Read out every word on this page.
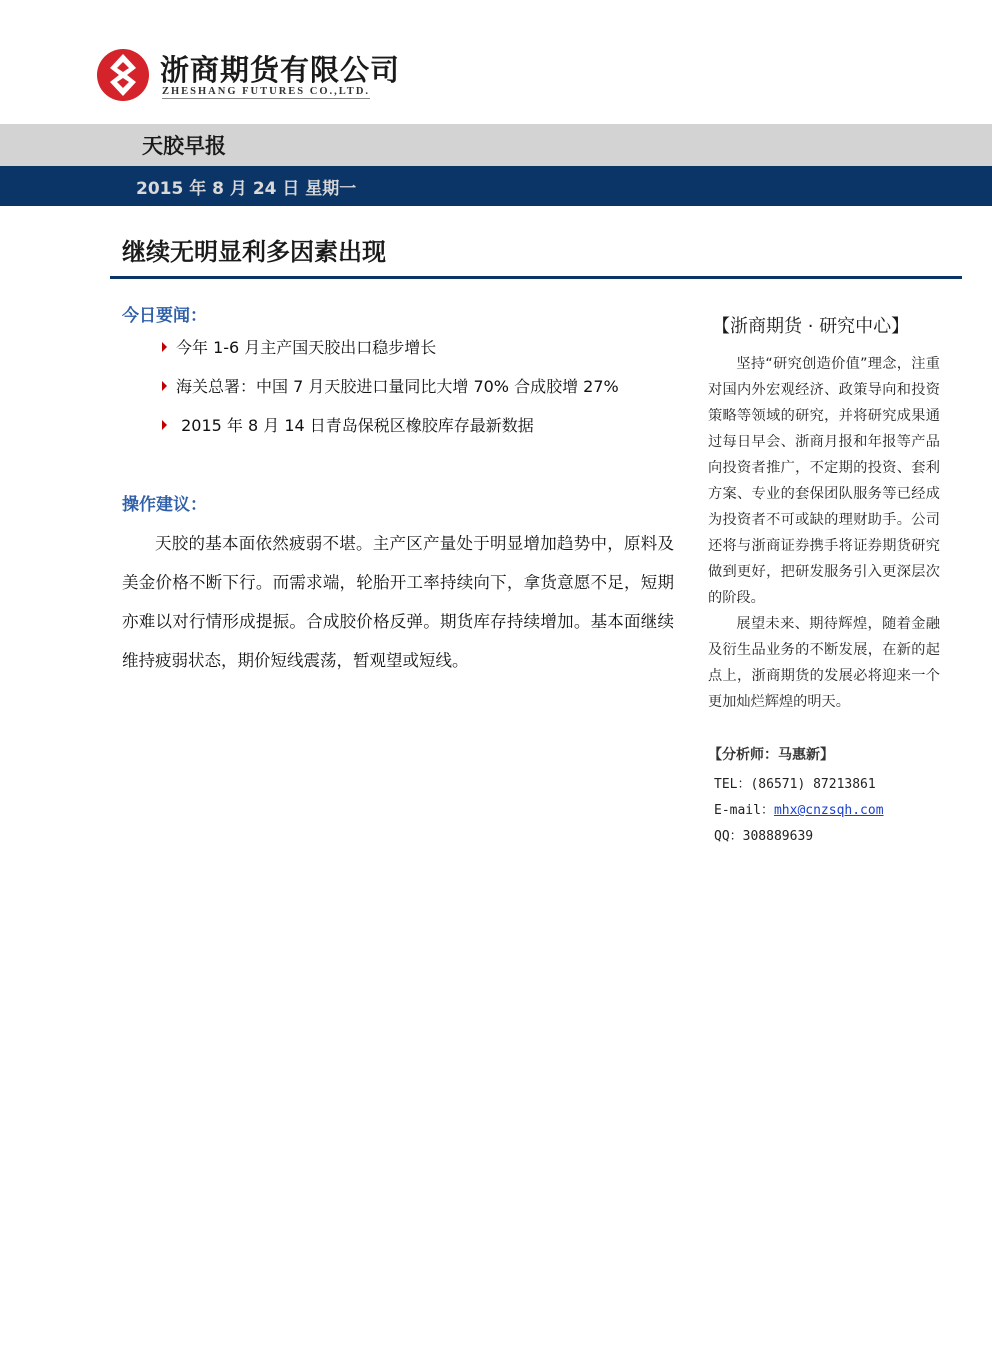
浙商期货有限公司
ZHESHANG FUTURES CO.,LTD.
天胶早报
2015 年 8 月 24 日 星期一
继续无明显利多因素出现
今日要闻：
今年 1-6 月主产国天胶出口稳步增长
海关总署：中国 7 月天胶进口量同比大增 70% 合成胶增 27%
2015 年 8 月 14 日青岛保税区橡胶库存最新数据
操作建议：

天胶的基本面依然疲弱不堪。主产区产量处于明显增加趋势中，原料及美金价格不断下行。而需求端，轮胎开工率持续向下，拿货意愿不足，短期亦难以对行情形成提振。合成胶价格反弹。期货库存持续增加。基本面继续维持疲弱状态，期价短线震荡，暂观望或短线。

【浙商期货 · 研究中心】

坚持“研究创造价值”理念，注重对国内外宏观经济、政策导向和投资策略等领域的研究，并将研究成果通过每日早会、浙商月报和年报等产品向投资者推广，不定期的投资、套利方案、专业的套保团队服务等已经成为投资者不可或缺的理财助手。公司还将与浙商证券携手将证券期货研究做到更好，把研发服务引入更深层次的阶段。

展望未来、期待辉煌，随着金融及衍生品业务的不断发展，在新的起点上，浙商期货的发展必将迎来一个更加灿烂辉煌的明天。

【分析师：马惠新】
TEL：(86571) 87213861
E-mail：mhx@cnzsqh.com
QQ：308889639
